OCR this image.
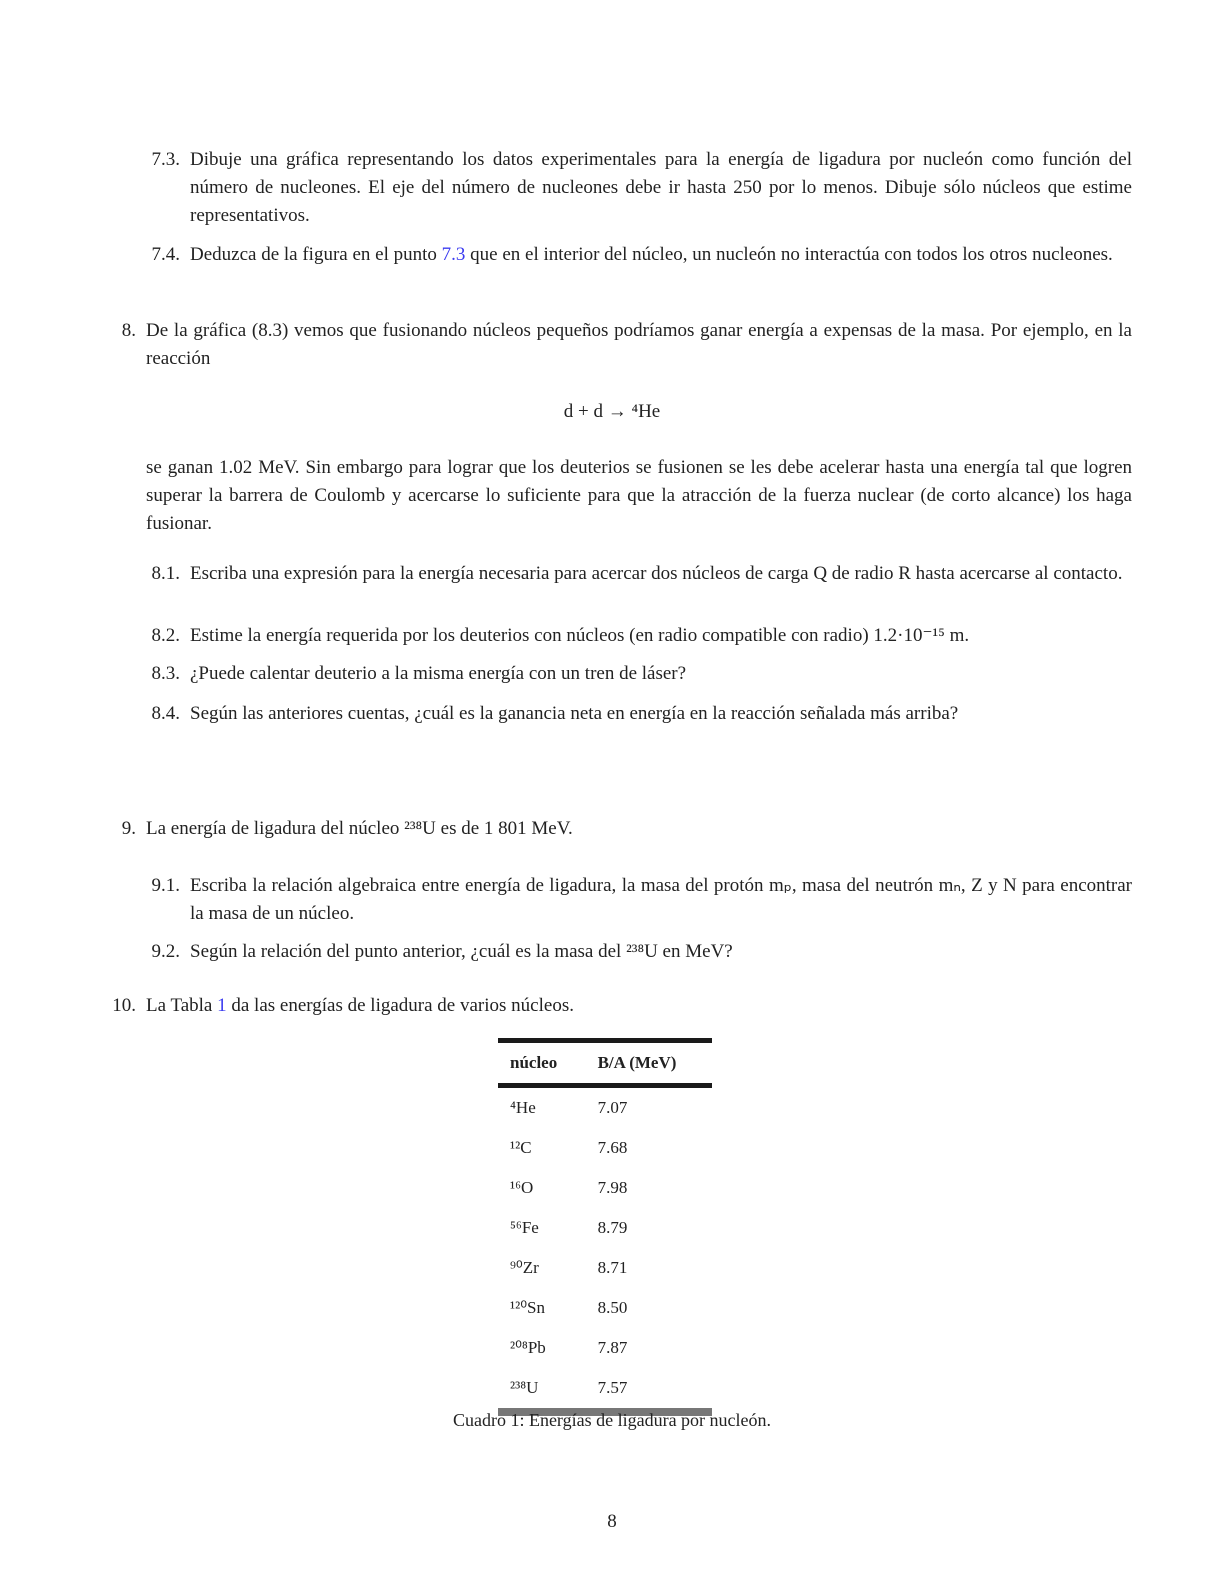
7.3. Dibuje una gráfica representando los datos experimentales para la energía de ligadura por nucleón como función del número de nucleones. El eje del número de nucleones debe ir hasta 250 por lo menos. Dibuje sólo núcleos que estime representativos.
7.4. Deduzca de la figura en el punto 7.3 que en el interior del núcleo, un nucleón no interactúa con todos los otros nucleones.
8. De la gráfica (8.3) vemos que fusionando núcleos pequeños podríamos ganar energía a expensas de la masa. Por ejemplo, en la reacción
d + d → ⁴He
se ganan 1.02 MeV. Sin embargo para lograr que los deuterios se fusionen se les debe acelerar hasta una energía tal que logren superar la barrera de Coulomb y acercarse lo suficiente para que la atracción de la fuerza nuclear (de corto alcance) los haga fusionar.
8.1. Escriba una expresión para la energía necesaria para acercar dos núcleos de carga Q de radio R hasta acercarse al contacto.
8.2. Estime la energía requerida por los deuterios con núcleos (en radio compatible con radio) 1.2·10⁻¹⁵ m.
8.3. ¿Puede calentar deuterio a la misma energía con un tren de láser?
8.4. Según las anteriores cuentas, ¿cuál es la ganancia neta en energía en la reacción señalada más arriba?
9. La energía de ligadura del núcleo ²³⁸U es de 1 801 MeV.
9.1. Escriba la relación algebraica entre energía de ligadura, la masa del protón mₚ, masa del neutrón mₙ, Z y N para encontrar la masa de un núcleo.
9.2. Según la relación del punto anterior, ¿cuál es la masa del ²³⁸U en MeV?
10. La Tabla 1 da las energías de ligadura de varios núcleos.
núcleo	B/A (MeV)
⁴He	7.07
¹²C	7.68
¹⁶O	7.98
⁵⁶Fe	8.79
⁹⁰Zr	8.71
¹²⁰Sn	8.50
²⁰⁸Pb	7.87
²³⁸U	7.57
Cuadro 1: Energías de ligadura por nucleón.
8
